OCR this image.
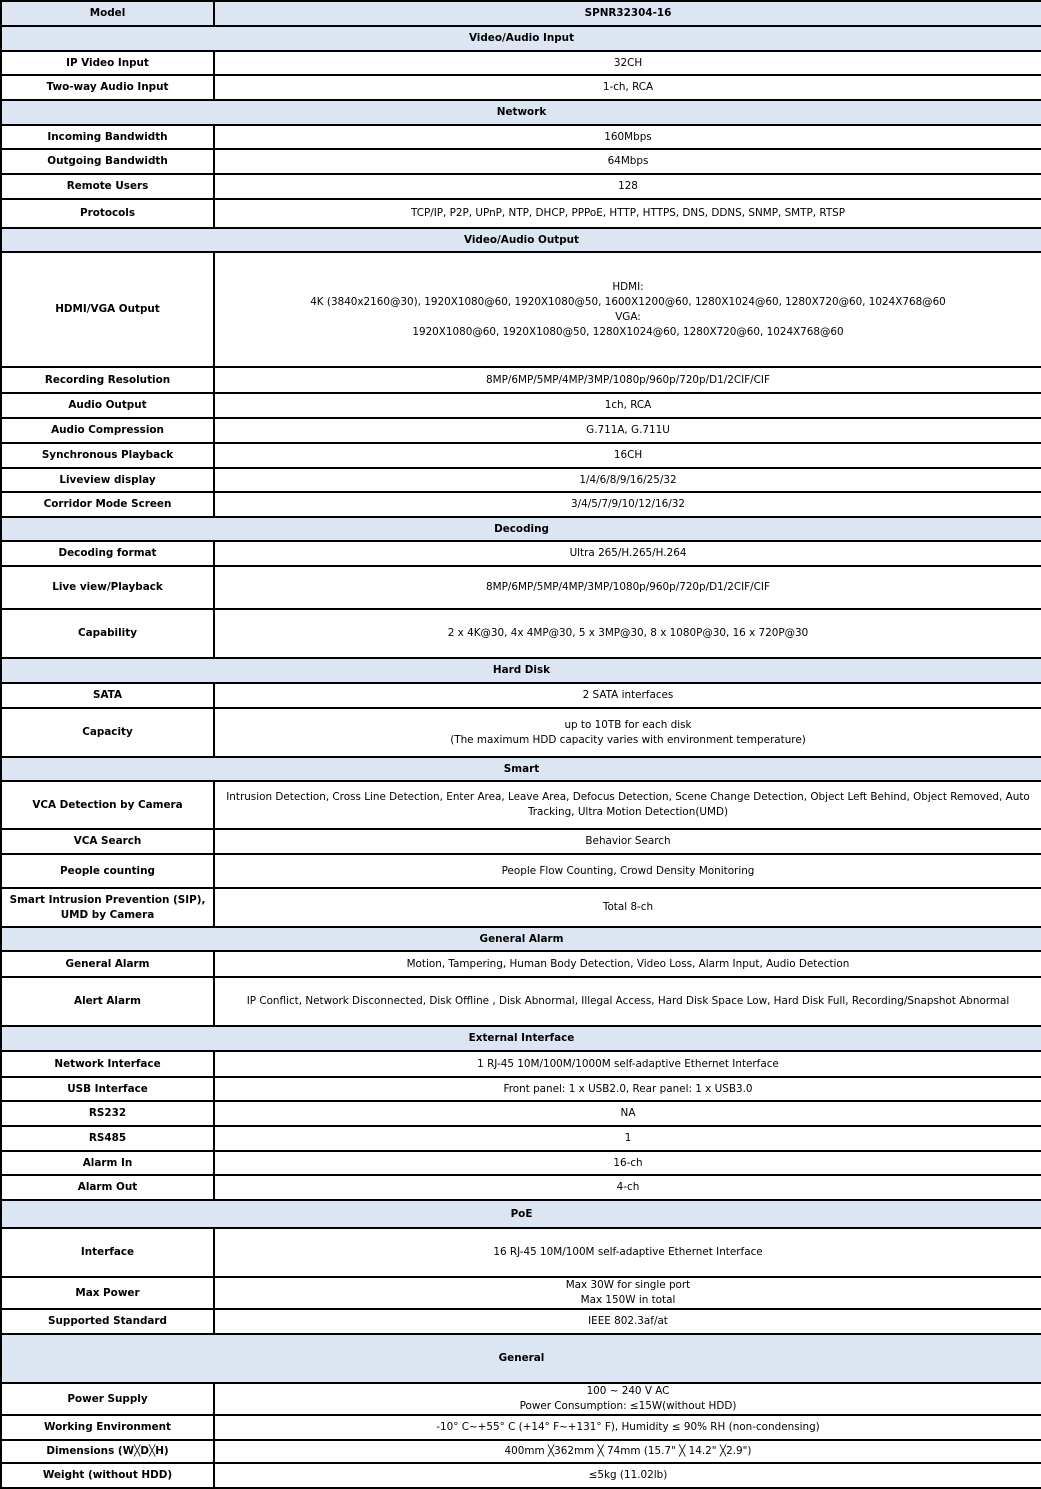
Model	SPNR32304-16
Video/Audio Input	
IP Video Input	32CH

Two-way Audio Input	1-ch, RCA

Network	
Incoming Bandwidth	160Mbps

Outgoing Bandwidth	64Mbps

Remote Users	128

Protocols	TCP/IP, P2P, UPnP, NTP, DHCP, PPPoE, HTTP, HTTPS, DNS, DDNS, SNMP, SMTP, RTSP

Video/Audio Output	
HDMI/VGA Output	HDMI:
4K (3840x2160@30), 1920X1080@60, 1920X1080@50, 1600X1200@60, 1280X1024@60, 1280X720@60, 1024X768@60
VGA:
1920X1080@60, 1920X1080@50, 1280X1024@60, 1280X720@60, 1024X768@60

Recording Resolution	8MP/6MP/5MP/4MP/3MP/1080p/960p/720p/D1/2CIF/CIF

Audio Output	1ch, RCA

Audio Compression	G.711A, G.711U

Synchronous Playback	16CH

Liveview display	1/4/6/8/9/16/25/32

Corridor Mode Screen	3/4/5/7/9/10/12/16/32

Decoding	
Decoding format	Ultra 265/H.265/H.264

Live view/Playback	8MP/6MP/5MP/4MP/3MP/1080p/960p/720p/D1/2CIF/CIF

Capability	2 x 4K@30, 4x 4MP@30, 5 x 3MP@30, 8 x 1080P@30, 16 x 720P@30

Hard Disk	
SATA	2 SATA interfaces

Capacity	up to 10TB for each disk
(The maximum HDD capacity varies with environment temperature)

Smart	
VCA Detection by Camera	Intrusion Detection, Cross Line Detection, Enter Area, Leave Area, Defocus Detection, Scene Change Detection, Object Left Behind, Object Removed, Auto Tracking, Ultra Motion Detection(UMD)

VCA Search	Behavior Search

People counting	People Flow Counting, Crowd Density Monitoring

Smart Intrusion Prevention (SIP), UMD by Camera	Total 8-ch

General Alarm	
General Alarm	Motion, Tampering, Human Body Detection, Video Loss, Alarm Input, Audio Detection

Alert Alarm	IP Conflict, Network Disconnected, Disk Offline , Disk Abnormal, Illegal Access, Hard Disk Space Low, Hard Disk Full, Recording/Snapshot Abnormal

External Interface	
Network Interface	1 RJ-45 10M/100M/1000M self-adaptive Ethernet Interface

USB Interface	Front panel: 1 x USB2.0, Rear panel: 1 x USB3.0

RS232	NA

RS485	1

Alarm In	16-ch

Alarm Out	4-ch

PoE	
Interface	16 RJ-45 10M/100M self-adaptive Ethernet Interface

Max Power	Max 30W for single port
Max 150W in total

Supported Standard	IEEE 802.3af/at

General	
Power Supply	100 ~ 240 V AC
Power Consumption: ≤15W(without HDD)

Working Environment	-10° C~+55° C (+14° F~+131° F), Humidity ≤ 90% RH (non-condensing)

Dimensions (W╳D╳H)	400mm ╳362mm ╳ 74mm (15.7" ╳ 14.2" ╳2.9")

Weight (without HDD)	≤5kg (11.02lb)
